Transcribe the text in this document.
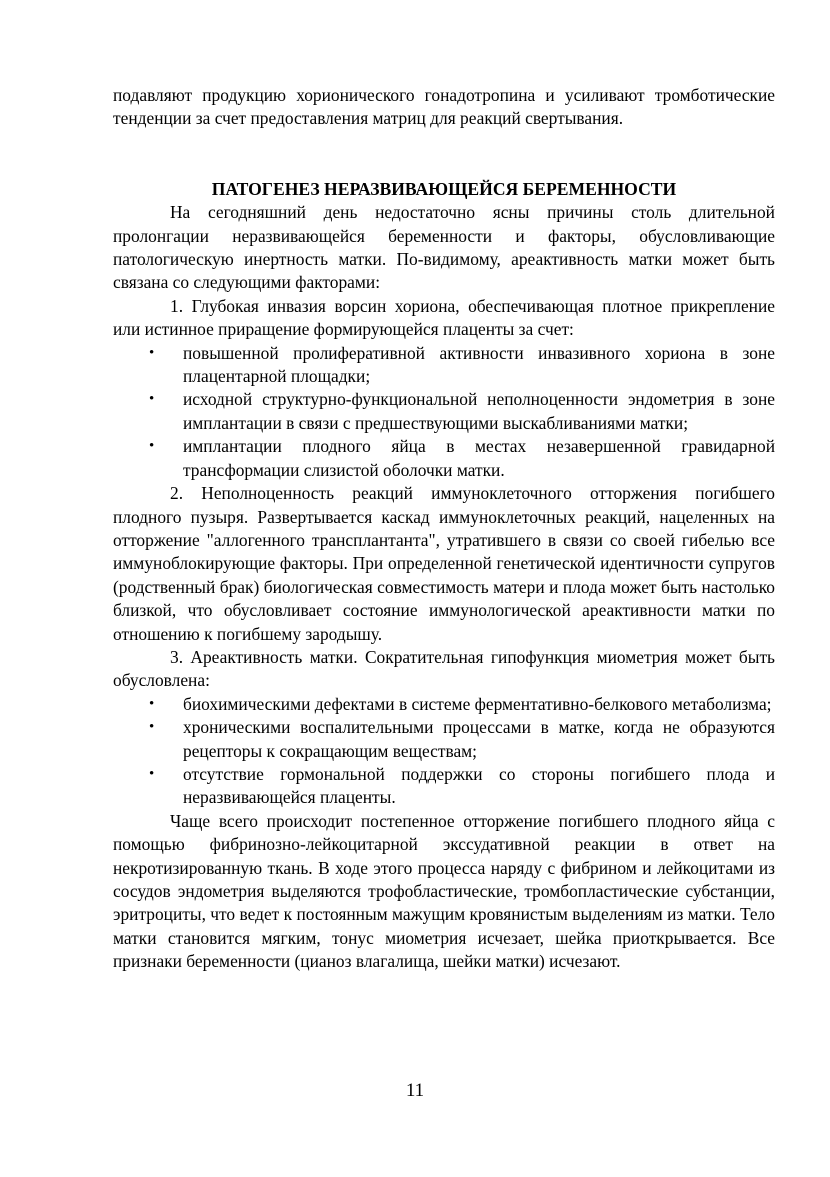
подавляют продукцию хорионического гонадотропина и усиливают тромботические тенденции за счет предоставления матриц для реакций свертывания.

ПАТОГЕНЕЗ НЕРАЗВИВАЮЩЕЙСЯ БЕРЕМЕННОСТИ

На сегодняшний день недостаточно ясны причины столь длительной пролонгации неразвивающейся беременности и факторы, обусловливающие патологическую инертность матки. По-видимому, ареактивность матки может быть связана со следующими факторами:

1. Глубокая инвазия ворсин хориона, обеспечивающая плотное прикрепление или истинное приращение формирующейся плаценты за счет:

• повышенной пролиферативной активности инвазивного хориона в зоне плацентарной площадки;
• исходной структурно-функциональной неполноценности эндометрия в зоне имплантации в связи с предшествующими выскабливаниями матки;
• имплантации плодного яйца в местах незавершенной гравидарной трансформации слизистой оболочки матки.

2. Неполноценность реакций иммуноклеточного отторжения погибшего плодного пузыря. Развертывается каскад иммуноклеточных реакций, нацеленных на отторжение "аллогенного трансплантанта", утратившего в связи со своей гибелью все иммуноблокирующие факторы. При определенной генетической идентичности супругов (родственный брак) биологическая совместимость матери и плода может быть настолько близкой, что обусловливает состояние иммунологической ареактивности матки по отношению к погибшему зародышу.

3. Ареактивность матки. Сократительная гипофункция миометрия может быть обусловлена:

• биохимическими дефектами в системе ферментативно-белкового метаболизма;
• хроническими воспалительными процессами в матке, когда не образуются рецепторы к сокращающим веществам;
• отсутствие гормональной поддержки со стороны погибшего плода и неразвивающейся плаценты.

Чаще всего происходит постепенное отторжение погибшего плодного яйца с помощью фибринозно-лейкоцитарной экссудативной реакции в ответ на некротизированную ткань. В ходе этого процесса наряду с фибрином и лейкоцитами из сосудов эндометрия выделяются трофобластические, тромбопластические субстанции, эритроциты, что ведет к постоянным мажущим кровянистым выделениям из матки. Тело матки становится мягким, тонус миометрия исчезает, шейка приоткрывается. Все признаки беременности (цианоз влагалища, шейки матки) исчезают.

11
